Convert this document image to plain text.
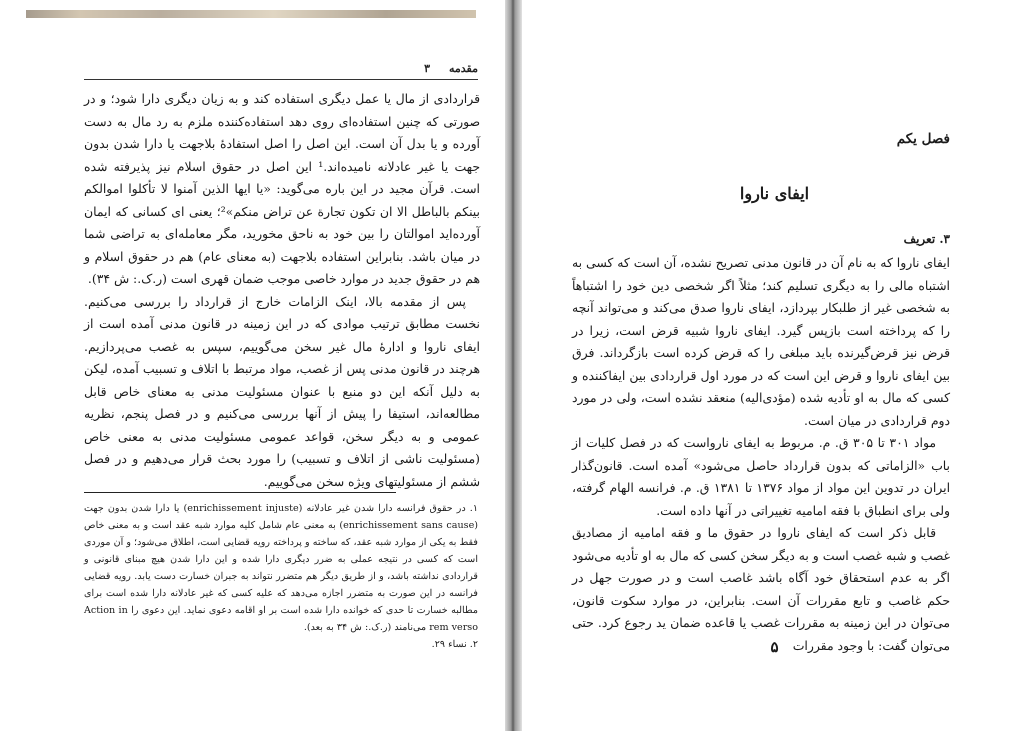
مقدمه
۳

قراردادی از مال یا عمل دیگری استفاده کند و به زیان دیگری دارا شود؛ و در صورتی که چنین استفاده‌ای روی دهد استفاده‌کننده ملزم به رد مال به دست آورده و یا بدل آن است. این اصل را اصل استفادهٔ بلاجهت یا دارا شدن بدون جهت یا غیر عادلانه نامیده‌اند.¹ این اصل در حقوق اسلام نیز پذیرفته شده است. قرآن مجید در این باره می‌گوید: «یا ایها الذین آمنوا لا تأکلوا اموالکم بینکم بالباطل الا ان تکون تجارة عن تراض منکم»²؛ یعنی ای کسانی که ایمان آورده‌اید اموالتان را بین خود به ناحق مخورید، مگر معامله‌ای به تراضی شما در میان باشد. بنابراین استفاده بلاجهت (به معنای عام) هم در حقوق اسلام و هم در حقوق جدید در موارد خاصی موجب ضمان قهری است (ر.ک.: ش ۳۴).

پس از مقدمه بالا، اینک الزامات خارج از قرارداد را بررسی می‌کنیم. نخست مطابق ترتیب موادی که در این زمینه در قانون مدنی آمده است از ایفای ناروا و ادارهٔ مال غیر سخن می‌گوییم، سپس به غصب می‌پردازیم. هرچند در قانون مدنی پس از غصب، مواد مرتبط با اتلاف و تسبیب آمده، لیکن به دلیل آنکه این دو منبع با عنوان مسئولیت مدنی به معنای خاص قابل مطالعه‌اند، استیفا را پیش از آنها بررسی می‌کنیم و در فصل پنجم، نظریه عمومی و به دیگر سخن، قواعد عمومی مسئولیت مدنی به معنی خاص (مسئولیت ناشی از اتلاف و تسبیب) را مورد بحث قرار می‌دهیم و در فصل ششم از مسئولیتهای ویژه سخن می‌گوییم.

۱. در حقوق فرانسه دارا شدن غیر عادلانه (enrichissement injuste) یا دارا شدن بدون جهت (enrichissement sans cause) به معنی عام شامل کلیه موارد شبه عقد است و به معنی خاص فقط به یکی از موارد شبه عقد، که ساخته و پرداخته رویه قضایی است، اطلاق می‌شود؛ و آن موردی است که کسی در نتیجه عملی به ضرر دیگری دارا شده و این دارا شدن هیچ مبنای قانونی و قراردادی نداشته باشد، و از طریق دیگر هم متضرر نتواند به جبران خسارت دست یابد. رویه قضایی فرانسه در این صورت به متضرر اجازه می‌دهد که علیه کسی که غیر عادلانه دارا شده است برای مطالبه خسارت تا حدی که خوانده دارا شده است بر او اقامه دعوی نماید. این دعوی را Action in rem verso می‌نامند (ر.ک.: ش ۳۴ به بعد).

۲. نساء ۲۹.

فصل یکم
ایفای ناروا
۳. تعریف

ایفای ناروا که به نام آن در قانون مدنی تصریح نشده، آن است که کسی به اشتباه مالی را به دیگری تسلیم کند؛ مثلاً اگر شخصی دین خود را اشتباهاً به شخصی غیر از طلبکار بپردازد، ایفای ناروا صدق می‌کند و می‌تواند آنچه را که پرداخته است بازپس گیرد. ایفای ناروا شبیه قرض است، زیرا در قرض نیز قرض‌گیرنده باید مبلغی را که قرض کرده است بازگرداند. فرق بین ایفای ناروا و قرض این است که در مورد اول قراردادی بین ایفاکننده و کسی که مال به او تأدیه شده (مؤدی‌الیه) منعقد نشده است، ولی در مورد دوم قراردادی در میان است.

مواد ۳۰۱ تا ۳۰۵ ق. م. مربوط به ایفای نارواست که در فصل کلیات از باب «الزاماتی که بدون قرارداد حاصل می‌شود» آمده است. قانون‌گذار ایران در تدوین این مواد از مواد ۱۳۷۶ تا ۱۳۸۱ ق. م. فرانسه الهام گرفته، ولی برای انطباق با فقه امامیه تغییراتی در آنها داده است.

قابل ذکر است که ایفای ناروا در حقوق ما و فقه امامیه از مصادیق غصب و شبه غصب است و به دیگر سخن کسی که مال به او تأدیه می‌شود اگر به عدم استحقاق خود آگاه باشد غاصب است و در صورت جهل در حکم غاصب و تابع مقررات آن است. بنابراین، در موارد سکوت قانون، می‌توان در این زمینه به مقررات غصب یا قاعده ضمان ید رجوع کرد. حتی می‌توان گفت: با وجود مقررات

۵
